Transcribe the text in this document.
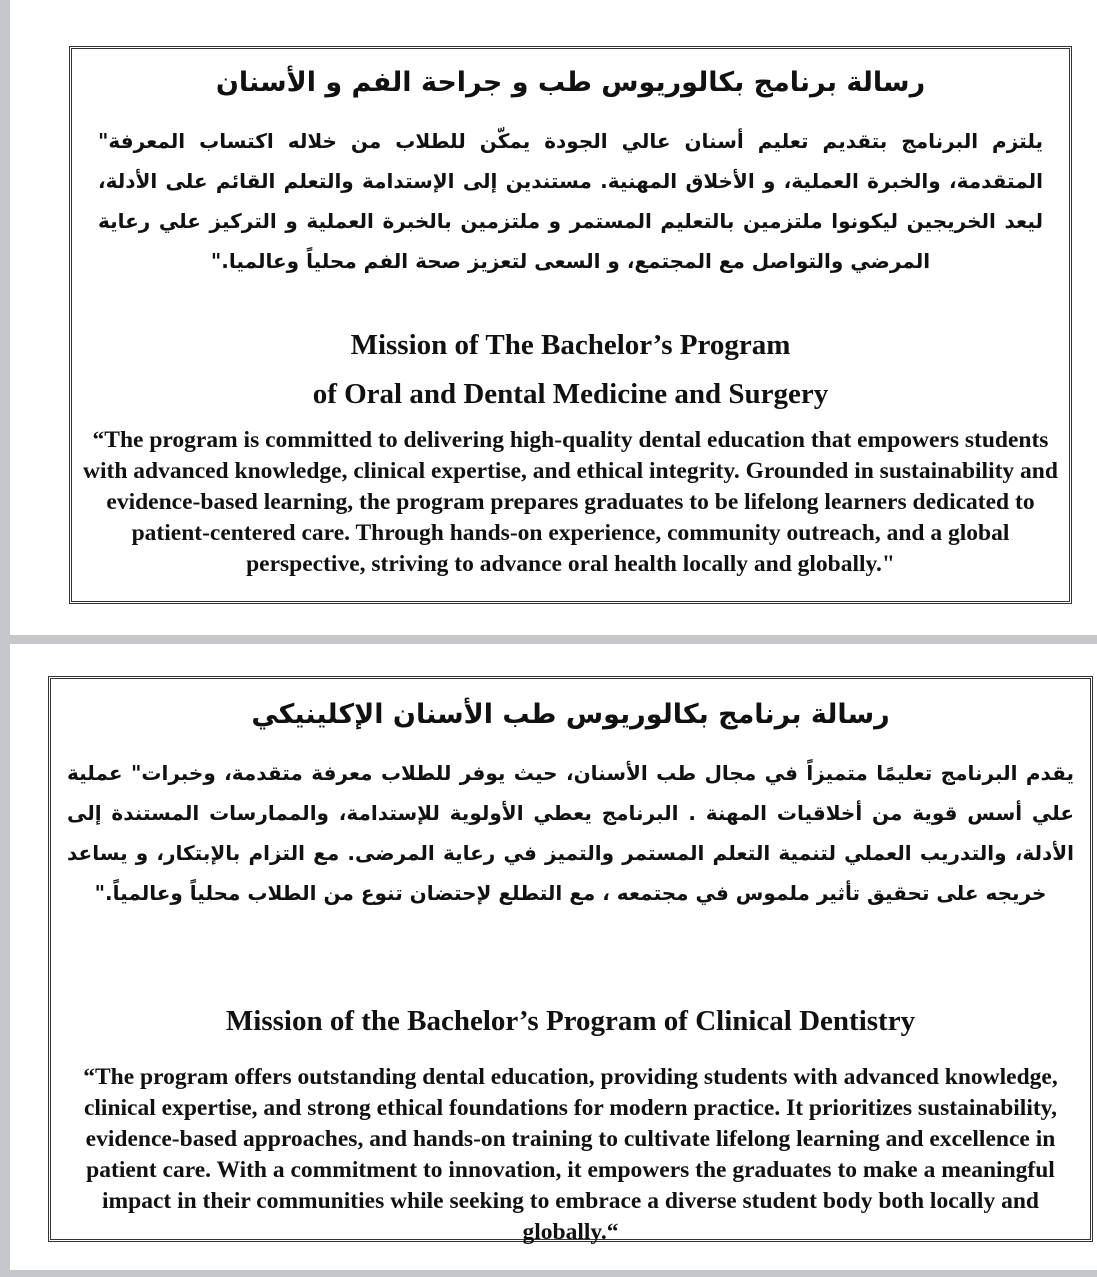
رسالة برنامج بكالوريوس طب و جراحة الفم و الأسنان
يلتزم البرنامج بتقديم تعليم أسنان عالي الجودة يمكّن للطلاب من خلاله اكتساب المعرفة" المتقدمة، والخبرة العملية، و الأخلاق المهنية. مستندين إلى الإستدامة والتعلم القائم على الأدلة، ليعد الخريجين ليكونوا ملتزمين بالتعليم المستمر و ملتزمين بالخبرة العملية و التركيز علي رعاية المرضي والتواصل مع المجتمع، و السعى لتعزيز صحة الفم محلياً وعالميا."
Mission of The Bachelor’s Program
of Oral and Dental Medicine and Surgery
“The program is committed to delivering high-quality dental education that empowers students with advanced knowledge, clinical expertise, and ethical integrity. Grounded in sustainability and evidence-based learning, the program prepares graduates to be lifelong learners dedicated to patient-centered care. Through hands-on experience, community outreach, and a global perspective, striving to advance oral health locally and globally."
رسالة برنامج بكالوريوس طب الأسنان الإكلينيكي
يقدم البرنامج تعليمًا متميزاً في مجال طب الأسنان، حيث يوفر للطلاب معرفة متقدمة، وخبرات" عملية علي أسس قوية من أخلاقيات المهنة . البرنامج يعطي الأولوية للإستدامة، والممارسات المستندة إلى الأدلة، والتدريب العملي لتنمية التعلم المستمر والتميز في رعاية المرضى. مع التزام بالإبتكار، و يساعد خريجه على تحقيق تأثير ملموس في مجتمعه ، مع التطلع لإحتضان تنوع من الطلاب محلياً وعالمياً."
Mission of the Bachelor’s Program of Clinical Dentistry
“The program offers outstanding dental education, providing students with advanced knowledge, clinical expertise, and strong ethical foundations for modern practice. It prioritizes sustainability, evidence-based approaches, and hands-on training to cultivate lifelong learning and excellence in patient care. With a commitment to innovation, it empowers the graduates to make a meaningful impact in their communities while seeking to embrace a diverse student body both locally and globally.“
